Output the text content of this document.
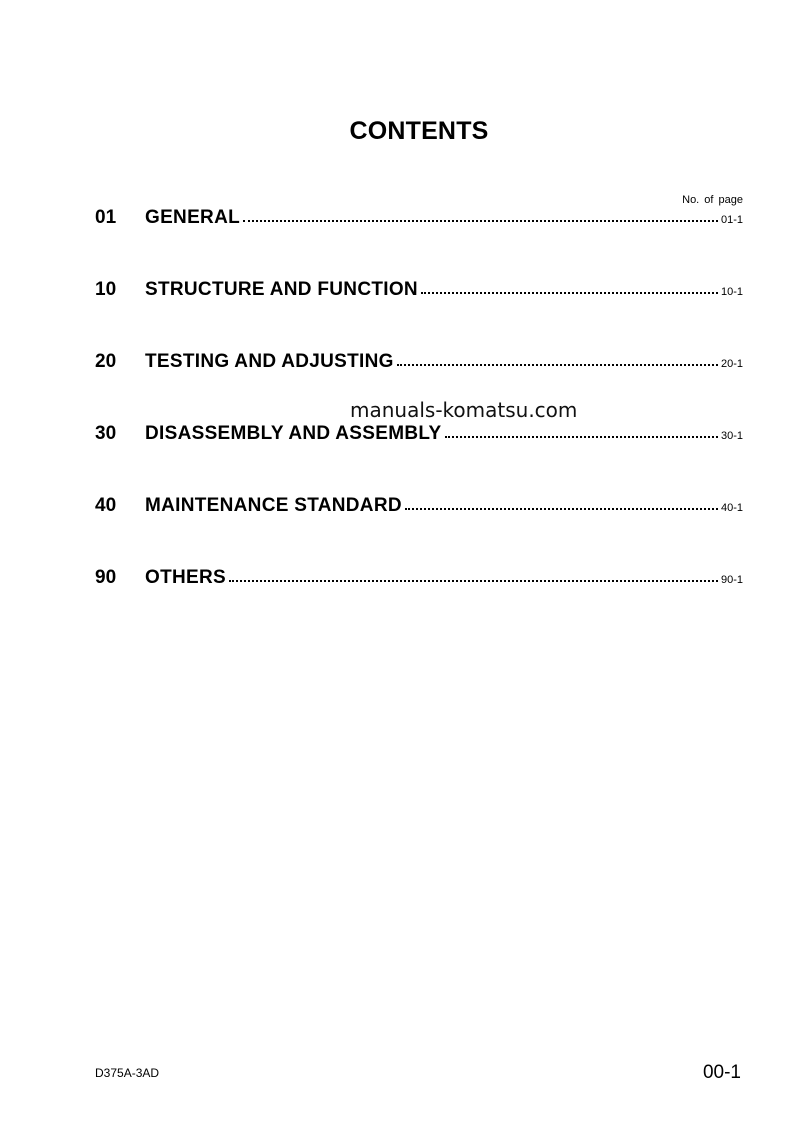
CONTENTS
No. of page
01	GENERAL	01-1
10	STRUCTURE AND FUNCTION	10-1
20	TESTING AND ADJUSTING	20-1
30	DISASSEMBLY AND ASSEMBLY	30-1
40	MAINTENANCE STANDARD	40-1
90	OTHERS	90-1
manuals-komatsu.com
D375A-3AD	00-1
